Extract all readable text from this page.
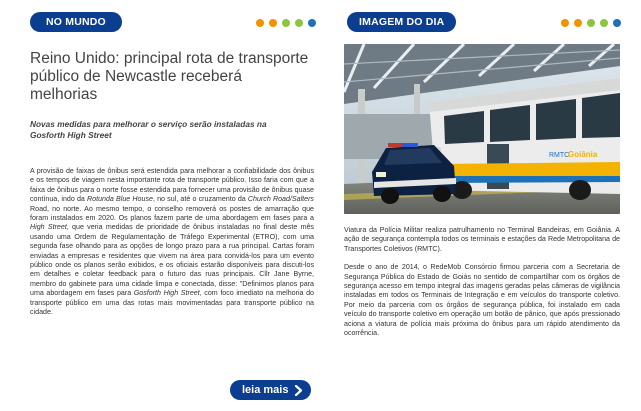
NO MUNDO
Reino Unido: principal rota de transporte público de Newcastle receberá melhorias

Novas medidas para melhorar o serviço serão instaladas na Gosforth High Street

A provisão de faixas de ônibus será estendida para melhorar a confiabilidade dos ônibus e os tempos de viagem nesta importante rota de transporte público. Isso faria com que a faixa de ônibus para o norte fosse estendida para fornecer uma provisão de ônibus quase contínua, indo da Rotunda Blue House, no sul, até o cruzamento da Church Road/Salters Road, no norte. Ao mesmo tempo, o conselho removerá os postes de amarração que foram instalados em 2020. Os planos fazem parte de uma abordagem em fases para a High Street, que veria medidas de prioridade de ônibus instaladas no final deste mês usando uma Ordem de Regulamentação de Tráfego Experimental (ETRO), com uma segunda fase olhando para as opções de longo prazo para a rua principal. Cartas foram enviadas a empresas e residentes que vivem na área para convidá-los para um evento público onde os planos serão exibidos, e os oficiais estarão disponíveis para discuti-los em detalhes e coletar feedback para o futuro das ruas principais. Cllr Jane Byrne, membro do gabinete para uma cidade limpa e conectada, disse: "Definimos planos para uma abordagem em fases para Gosforth High Street, com foco imediato na melhoria do transporte público em uma das rotas mais movimentadas para transporte público na cidade.

leia mais
IMAGEM DO DIA
RMTC
Goiânia

Viatura da Polícia Militar realiza patrulhamento no Terminal Bandeiras, em Goiânia. A ação de segurança contempla todos os terminais e estações da Rede Metropolitana de Transportes Coletivos (RMTC).

Desde o ano de 2014, o RedeMob Consórcio firmou parceria com a Secretaria de Segurança Pública do Estado de Goiás no sentido de compartilhar com os órgãos de segurança acesso em tempo integral das imagens geradas pelas câmeras de vigilância instaladas em todos os Terminais de Integração e em veículos do transporte coletivo. Por meio da parceria com os órgãos de segurança pública, foi instalado em cada veículo do transporte coletivo em operação um botão de pânico, que após pressionado aciona a viatura de polícia mais próxima do ônibus para um rápido atendimento da ocorrência.
